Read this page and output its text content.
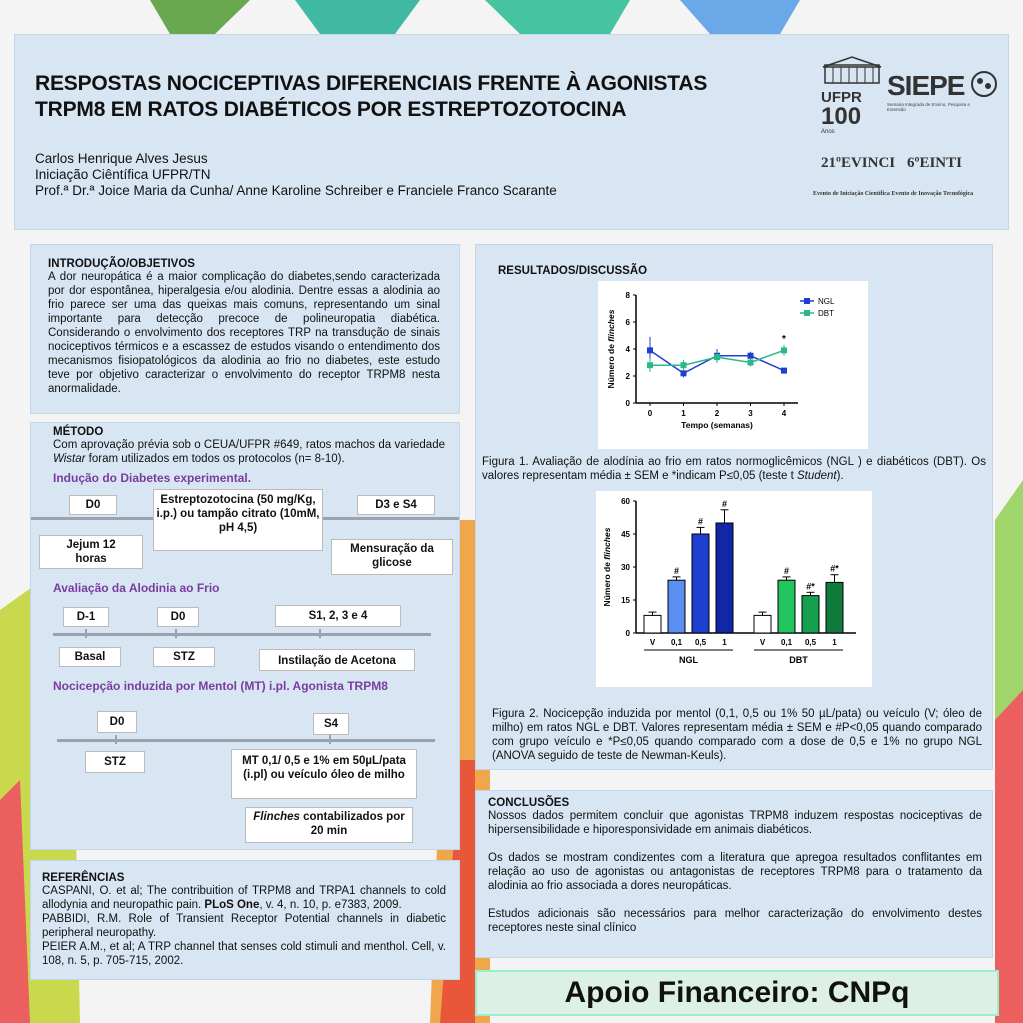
RESPOSTAS NOCICEPTIVAS DIFERENCIAIS FRENTE À AGONISTAS
TRPM8 EM RATOS DIABÉTICOS POR ESTREPTOZOTOCINA
Carlos Henrique Alves Jesus
Iniciação Ciêntífica UFPR/TN
Prof.ª Dr.ª Joice Maria da Cunha/ Anne Karoline Schreiber e Franciele Franco Scarante
UFPR
100
Anos
SIEPE
Semana Integrada de Ensino, Pesquisa e Extensão
21ºEVINCI 6ºEINTI
Evento de Iniciação Científica Evento de Inovação Tecnológica
INTRODUÇÃO/OBJETIVOS
A dor neuropática é a maior complicação do diabetes,sendo caracterizada por dor espontânea, hiperalgesia e/ou alodinia. Dentre essas a alodinia ao frio parece ser uma das queixas mais comuns, representando um sinal importante para detecção precoce de polineuropatia diabética. Considerando o envolvimento dos receptores TRP na transdução de sinais nociceptivos térmicos e a escassez de estudos visando o entendimento dos mecanismos fisiopatológicos da alodinia ao frio no diabetes, este estudo teve por objetivo caracterizar o envolvimento do receptor TRPM8 nesta anormalidade.
MÉTODO
Com aprovação prévia sob o CEUA/UFPR #649, ratos machos da variedade Wistar foram utilizados em todos os protocolos (n= 8-10).
Indução do Diabetes experimental.
D0	Estreptozotocina (50 mg/Kg, i.p.) ou tampão citrato (10mM, pH 4,5)
D3 e S4
Jejum 12 horas
Mensuração da glicose
Avaliação da Alodinia ao Frio
D-1	D0	S1, 2, 3 e 4
Basal	STZ	Instilação de Acetona
Nocicepção induzida por Mentol (MT) i.pl. Agonista TRPM8
D0	S4
STZ	MT 0,1/ 0,5 e 1% em 50µL/pata (i.pl) ou veículo óleo de milho
Flinches contabilizados por 20 min
REFERÊNCIAS
CASPANI, O. et al; The contribuition of TRPM8 and TRPA1 channels to cold allodynia and neuropathic pain. PLoS One, v. 4, n. 10, p. e7383, 2009.
PABBIDI, R.M. Role of Transient Receptor Potential channels in diabetic peripheral neuropathy.
PEIER A.M., et al; A TRP channel that senses cold stimuli and menthol. Cell, v. 108, n. 5, p. 705-715, 2002.
RESULTADOS/DISCUSSÃO
0
2
4
6
8
0	1	2	3	4
Tempo (semanas)
Número de flinches
NGL
DBT
*
Figura 1. Avaliação de alodínia ao frio em ratos normoglicêmicos (NGL ) e diabéticos (DBT). Os valores representam média ± SEM e *indicam P≤0,05 (teste t Student).
0
15
30
45
60
Número de flinches
V
#
0,1
#
0,5
#
1	V
#
0,1
#*
0,5
#*
1
NGL	DBT
Figura 2. Nocicepção induzida por mentol (0,1, 0,5 ou 1% 50 µL/pata) ou veículo (V; óleo de milho) em ratos NGL e DBT. Valores representam média ± SEM e #P<0,05 quando comparado com grupo veículo e *P≤0,05 quando comparado com a dose de 0,5 e 1% no grupo NGL (ANOVA seguido de teste de Newman-Keuls).
CONCLUSÕES
Nossos dados permitem concluir que agonistas TRPM8 induzem respostas nociceptivas de hipersensibilidade e hiporesponsividade em animais diabéticos.
Os dados se mostram condizentes com a literatura que apregoa resultados conflitantes em relação ao uso de agonistas ou antagonistas de receptores TRPM8 para o tratamento da alodinia ao frio associada a dores neuropáticas.
Estudos adicionais são necessários para melhor caracterização do envolvimento destes receptores neste sinal clínico
Apoio Financeiro: CNPq
